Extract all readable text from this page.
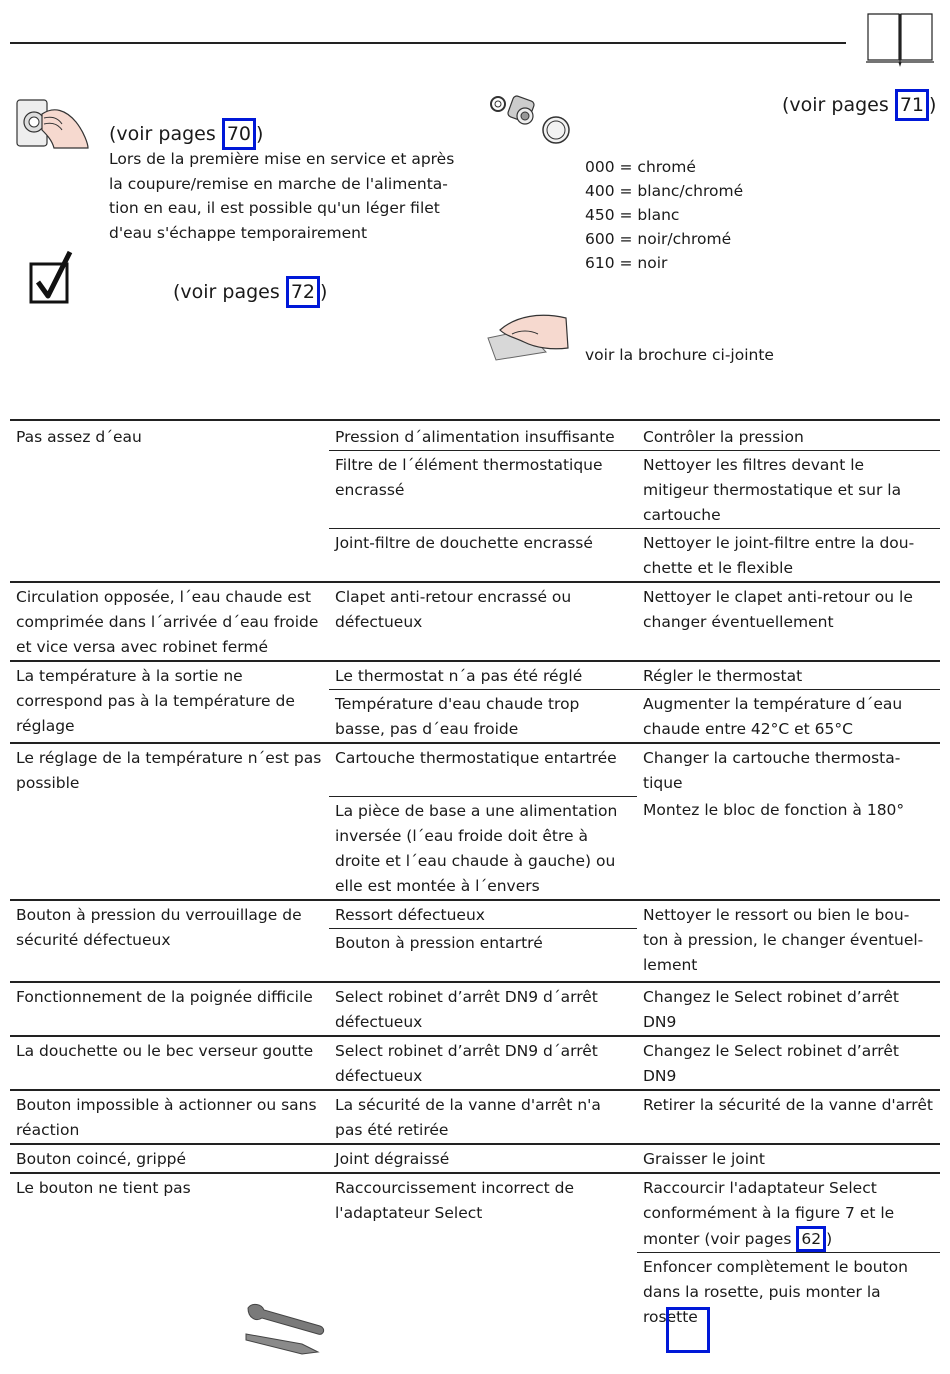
(voir pages 70 )
Lors de la première mise en service et après
la coupure/remise en marche de l'alimenta-
tion en eau, il est possible qu'un léger filet
d'eau s'échappe temporairement
(voir pages 72 )
(voir pages 71 )
000 = chromé
400 = blanc/chromé
450 = blanc
600 = noir/chromé
610 = noir
voir la brochure ci-jointe
Pas assez d´eau	Pression d´alimentation insuffisante	Contrôler la pression
	Filtre de l´élément thermostatique encrassé	Nettoyer les filtres devant le mitigeur thermostatique et sur la cartouche
	Joint-filtre de douchette encrassé	Nettoyer le joint-filtre entre la dou-chette et le flexible
Circulation opposée, l´eau chaude est comprimée dans l´arrivée d´eau froide et vice versa avec robinet fermé	Clapet anti-retour encrassé ou défectueux	Nettoyer le clapet anti-retour ou le changer éventuellement
La température à la sortie ne correspond pas à la température de réglage	Le thermostat n´a pas été réglé	Régler le thermostat
	Température d'eau chaude trop basse, pas d´eau froide	Augmenter la température d´eau chaude entre 42°C et 65°C
Le réglage de la température n´est pas possible	Cartouche thermostatique entartrée	Changer la cartouche thermosta-tique
	La pièce de base a une alimentation inversée (l´eau froide doit être à droite et l´eau chaude à gauche) ou elle est montée à l´envers	Montez le bloc de fonction à 180°
Bouton à pression du verrouillage de sécurité défectueux	Ressort défectueux	Nettoyer le ressort ou bien le bou-ton à pression, le changer éventuel-lement
	Bouton à pression entartré	
Fonctionnement de la poignée difficile	Select robinet d’arrêt DN9 d´arrêt défectueux	Changez le Select robinet d’arrêt DN9
La douchette ou le bec verseur goutte	Select robinet d’arrêt DN9 d´arrêt défectueux	Changez le Select robinet d’arrêt DN9
Bouton impossible à actionner ou sans réaction	La sécurité de la vanne d'arrêt n'a pas été retirée	Retirer la sécurité de la vanne d'arrêt
Bouton coincé, grippé	Joint dégraissé	Graisser le joint
Le bouton ne tient pas	Raccourcissement incorrect de l'adaptateur Select	Raccourcir l'adaptateur Select conformément à la figure 7 et le monter (voir pages 62 )
		Enfoncer complètement le bouton dans la rosette, puis monter la rosette
